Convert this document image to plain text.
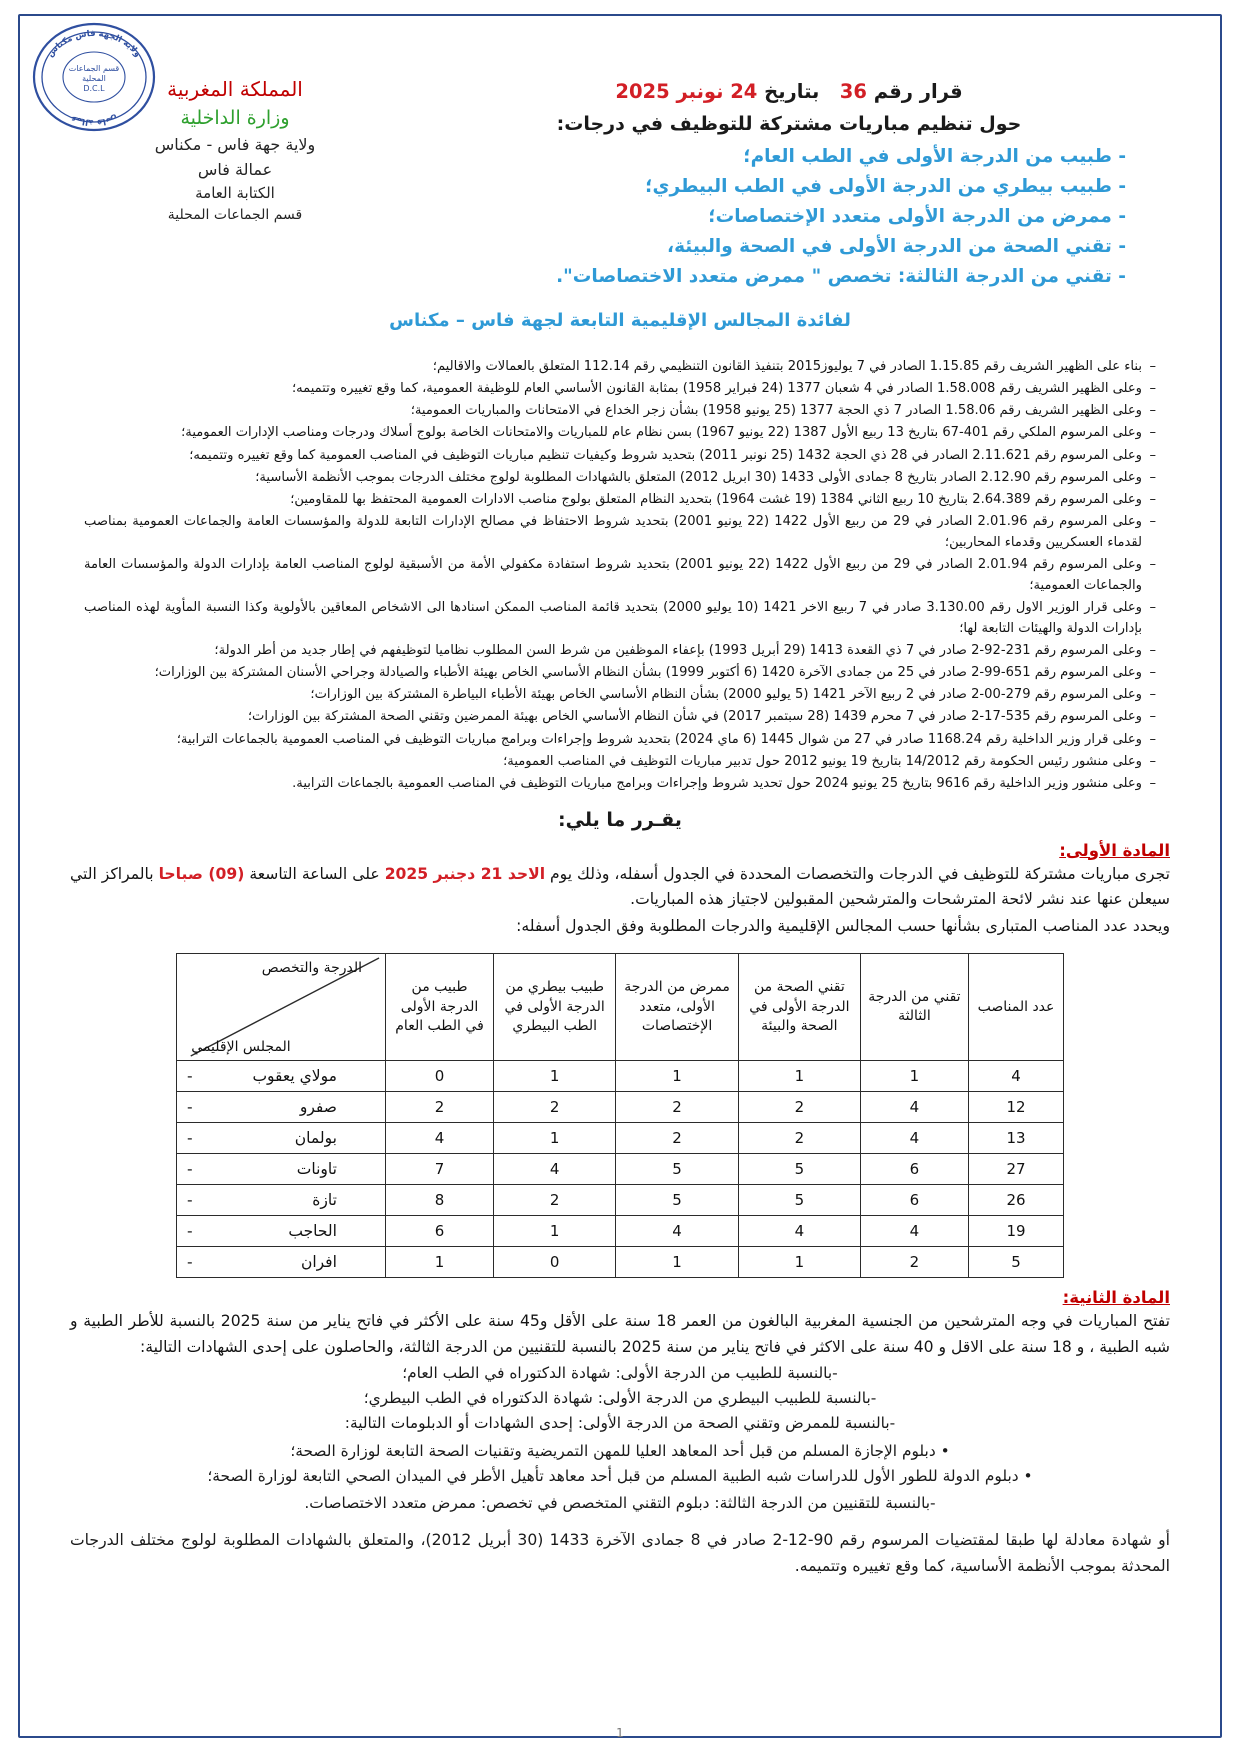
ولاية الجهة فاس مكناس
عمالة فاس
قسم الجماعات
المحلية
D.C.L	المملكة المغربية
وزارة الداخلية
ولاية جهة فاس - مكناس
عمالة فاس
الكتابة العامة
قسم الجماعات المحلية
قرار رقم 36   بتاريخ 24 نونبر 2025
حول تنظيم مباريات مشتركة للتوظيف في درجات:
- طبيب من الدرجة الأولى في الطب العام؛
- طبيب بيطري من الدرجة الأولى في الطب البيطري؛
- ممرض من الدرجة الأولى متعدد الإختصاصات؛
- تقني الصحة من الدرجة الأولى في الصحة والبيئة،
- تقني من الدرجة الثالثة: تخصص " ممرض متعدد الاختصاصات".
لفائدة المجالس الإقليمية التابعة لجهة فاس – مكناس
– بناء على الظهير الشريف رقم 1.15.85 الصادر في 7 يوليوز2015 بتنفيذ القانون التنظيمي رقم 112.14 المتعلق بالعمالات والاقاليم؛
– وعلى الظهير الشريف رقم 1.58.008 الصادر في 4 شعبان 1377 (24 فبراير 1958) بمثابة القانون الأساسي العام للوظيفة العمومية، كما وقع تغييره وتتميمه؛
– وعلى الظهير الشريف رقم 1.58.06 الصادر 7 ذي الحجة 1377 (25 يونيو 1958) بشأن زجر الخداع في الامتحانات والمباريات العمومية؛
– وعلى المرسوم الملكي رقم 401-67 بتاريخ 13 ربيع الأول 1387 (22 يونيو 1967) بسن نظام عام للمباريات والامتحانات الخاصة بولوج أسلاك ودرجات ومناصب الإدارات العمومية؛
– وعلى المرسوم رقم 2.11.621 الصادر في 28 ذي الحجة 1432 (25 نونبر 2011) بتحديد شروط وكيفيات تنظيم مباريات التوظيف في المناصب العمومية كما وقع تغييره وتتميمه؛
– وعلى المرسوم رقم 2.12.90 الصادر بتاريخ 8 جمادى الأولى 1433 (30 ابريل 2012) المتعلق بالشهادات المطلوبة لولوج مختلف الدرجات بموجب الأنظمة الأساسية؛
– وعلى المرسوم رقم 2.64.389 بتاريخ 10 ربيع الثاني 1384 (19 غشت 1964) بتحديد النظام المتعلق بولوج مناصب الادارات العمومية المحتفظ بها للمقاومين؛
– وعلى المرسوم رقم 2.01.96 الصادر في 29 من ربيع الأول 1422 (22 يونيو 2001) بتحديد شروط الاحتفاظ في مصالح الإدارات التابعة للدولة والمؤسسات العامة والجماعات العمومية بمناصب لقدماء العسكريين وقدماء المحاربين؛
– وعلى المرسوم رقم 2.01.94 الصادر في 29 من ربيع الأول 1422 (22 يونيو 2001) بتحديد شروط استفادة مكفولي الأمة من الأسبقية لولوج المناصب العامة بإدارات الدولة والمؤسسات العامة والجماعات العمومية؛
– وعلى قرار الوزير الاول رقم 3.130.00 صادر في 7 ربيع الاخر 1421 (10 يوليو 2000) بتحديد قائمة المناصب الممكن اسنادها الى الاشخاص المعاقين بالأولوية وكذا النسبة المأوية لهذه المناصب بإدارات الدولة والهيئات التابعة لها؛
– وعلى المرسوم رقم 231-92-2 صادر في 7 ذي القعدة 1413 (29 أبريل 1993) بإعفاء الموظفين من شرط السن المطلوب نظاميا لتوظيفهم في إطار جديد من أطر الدولة؛
– وعلى المرسوم رقم 651-99-2 صادر في 25 من جمادى الآخرة 1420 (6 أكتوبر 1999) بشأن النظام الأساسي الخاص بهيئة الأطباء والصيادلة وجراحي الأسنان المشتركة بين الوزارات؛
– وعلى المرسوم رقم 279-00-2 صادر في 2 ربيع الآخر 1421 (5 يوليو 2000) بشأن النظام الأساسي الخاص بهيئة الأطباء البياطرة المشتركة بين الوزارات؛
– وعلى المرسوم رقم 535-17-2 صادر في 7 محرم 1439 (28 سبتمبر 2017) في شأن النظام الأساسي الخاص بهيئة الممرضين وتقني الصحة المشتركة بين الوزارات؛
– وعلى قرار وزير الداخلية رقم 1168.24 صادر في 27 من شوال 1445 (6 ماي 2024) بتحديد شروط وإجراءات وبرامج مباريات التوظيف في المناصب العمومية بالجماعات الترابية؛
– وعلى منشور رئيس الحكومة رقم 14/2012 بتاريخ 19 يونيو 2012 حول تدبير مباريات التوظيف في المناصب العمومية؛
– وعلى منشور وزير الداخلية رقم 9616 بتاريخ 25 يونيو 2024 حول تحديد شروط وإجراءات وبرامج مباريات التوظيف في المناصب العمومية بالجماعات الترابية.
يقـرر ما يلي:
المادة الأولى:
تجرى مباريات مشتركة للتوظيف في الدرجات والتخصصات المحددة في الجدول أسفله، وذلك يوم الاحد 21 دجنبر 2025 على الساعة التاسعة (09) صباحا بالمراكز التي سيعلن عنها عند نشر لائحة المترشحات والمترشحين المقبولين لاجتياز هذه المباريات.
ويحدد عدد المناصب المتبارى بشأنها حسب المجالس الإقليمية والدرجات المطلوبة وفق الجدول أسفله:
عدد المناصب	تقني من الدرجة الثالثة	تقني الصحة من الدرجة الأولى في الصحة والبيئة	ممرض من الدرجة الأولى، متعدد الإختصاصات	طبيب بيطري من الدرجة الأولى في الطب البيطري	طبيب من الدرجة الأولى في الطب العام	الدرجة والتخصص
المجلس الإقليمي

4	1	1	1	1	0	مولاي يعقوب
-

12	4	2	2	2	2	صفرو
-

13	4	2	2	1	4	بولمان
-

27	6	5	5	4	7	تاونات
-

26	6	5	5	2	8	تازة
-

19	4	4	4	1	6	الحاجب
-

5	2	1	1	0	1	افران
-
المادة الثانية:
تفتح المباريات في وجه المترشحين من الجنسية المغربية البالغون من العمر 18 سنة على الأقل و45 سنة على الأكثر في فاتح يناير من سنة 2025 بالنسبة للأطر الطبية و شبه الطبية ، و 18 سنة على الاقل و 40 سنة على الاكثر في فاتح يناير من سنة 2025 بالنسبة للتقنيين من الدرجة الثالثة، والحاصلون على إحدى الشهادات التالية:
-بالنسبة للطبيب من الدرجة الأولى: شهادة الدكتوراه في الطب العام؛
-بالنسبة للطبيب البيطري من الدرجة الأولى: شهادة الدكتوراه في الطب البيطري؛
-بالنسبة للممرض وتقني الصحة من الدرجة الأولى: إحدى الشهادات أو الدبلومات التالية:
• دبلوم الإجازة المسلم من قبل أحد المعاهد العليا للمهن التمريضية وتقنيات الصحة التابعة لوزارة الصحة؛
• دبلوم الدولة للطور الأول للدراسات شبه الطبية المسلم من قبل أحد معاهد تأهيل الأطر في الميدان الصحي التابعة لوزارة الصحة؛
-بالنسبة للتقنيين من الدرجة الثالثة: دبلوم التقني المتخصص في تخصص: ممرض متعدد الاختصاصات.
أو شهادة معادلة لها طبقا لمقتضيات المرسوم رقم 90-12-2 صادر في 8 جمادى الآخرة 1433 (30 أبريل 2012)، والمتعلق بالشهادات المطلوبة لولوج مختلف الدرجات المحدثة بموجب الأنظمة الأساسية، كما وقع تغييره وتتميمه.

1
